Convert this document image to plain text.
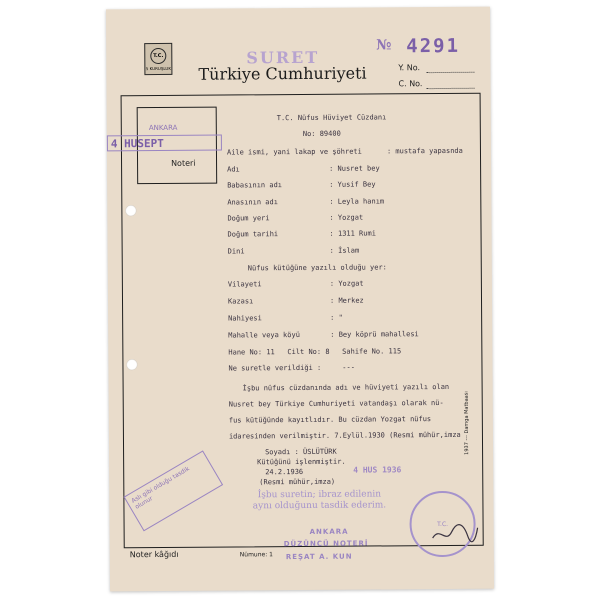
T.C.
5 KURUŞLUK
SURET
№ 4291
Türkiye Cumhuriyeti	Y. No.
C. No.
ANKARA
4 HUSEPT
Noteri
T.C. Nüfus Hüviyet Cüzdanı
No: 89400
Aile ismi, yani lakap ve şöhreti	: mustafa yapasnda
Adı	: Nusret bey
Babasının adı	: Yusif Bey
Anasının adı	: Leyla hanım
Doğum yeri	: Yozgat
Doğum tarihi	: 1311 Rumi
Dini	: İslam
Nüfus kütüğüne yazılı olduğu yer:
Vilayeti	: Yozgat
Kazası	: Merkez
Nahiyesi	: "
Mahalle veya köyü	: Bey köprü mahallesi
Hane No: 11   Cilt No: 8   Sahife No. 115
Ne suretle verildiği :     ---
İşbu nüfus cüzdanında adı ve hüviyeti yazılı olan
Nusret bey Türkiye Cumhuriyeti vatandaşı olarak nü-
fus kütüğünde kayıtlıdır. Bu cüzdan Yozgat nüfus
idaresinden verilmiştir. 7.Eylül.1930 (Resmi mühür,imza
Soyadı : ÜSLÜTÜRK
Kütüğünü işlenmiştir.
24.2.1936
(Resmi mühür,imza)
4 HUS 1936
İşbu suretin; ibraz edilenin
aynı olduğunu tasdik ederim.
Aslı gibi olduğu tasdik olunur
T.C.
ANKARA
DÜZÜNCÜ NOTERİ
REŞAT A. KUN
Noter kâğıdı	Nümune: 1
1937 --- Damga Matbaası
